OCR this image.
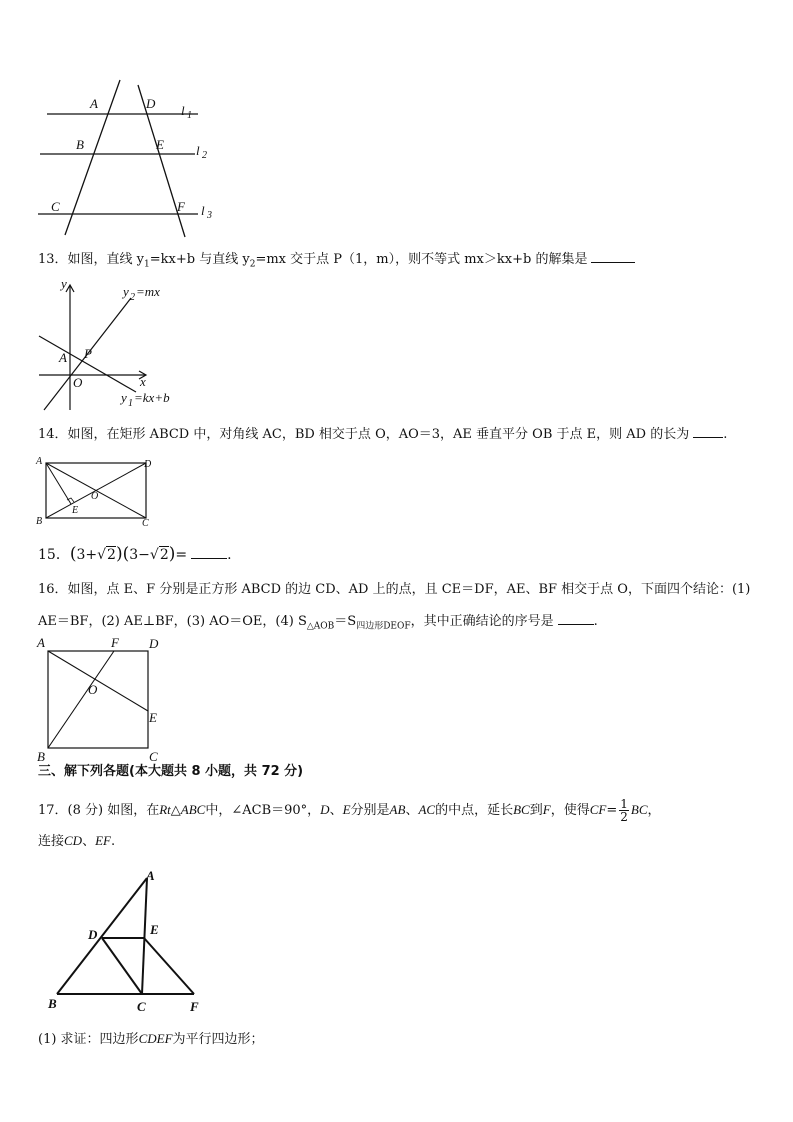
A
B
C
D
E
F
l 1
l 2
l 3
13．如图，直线 $y_1=kx+b$ 与直线 $y_2=mx$ 交于点 P（1，m），则不等式 mx＞kx+b 的解集是
y
y 2 =mx
A P
O	x
y 1 =kx+b
14．如图，在矩形 ABCD 中，对角线 AC，BD 相交于点 O，AO＝3，AE 垂直平分 OB 于点 E，则 AD 的长为	.
A
B	C
D
O
E
15．(3+√2)(3−√2)=	.
16．如图，点 E、F 分别是正方形 ABCD 的边 CD、AD 上的点，且 CE＝DF，AE、BF 相交于点 O，下面四个结论：(1)
AE＝BF，(2) AE⊥BF，(3) AO＝OE，(4) $S_{\triangle AOB}=S_{四边形DEOF}$，其中正确结论的序号是	.
A	F D
O
E
B	C
三、解下列各题(本大题共 8 小题，共 72 分)
17．(8 分) 如图，在Rt△ABC中，∠ACB＝90°，D、E分别是AB、AC的中点，延长BC到F，使得$CF= \frac{1}{2}$ BC，
连接CD、EF.
A
D	E
B	C	F
(1) 求证：四边形CDEF为平行四边形；
